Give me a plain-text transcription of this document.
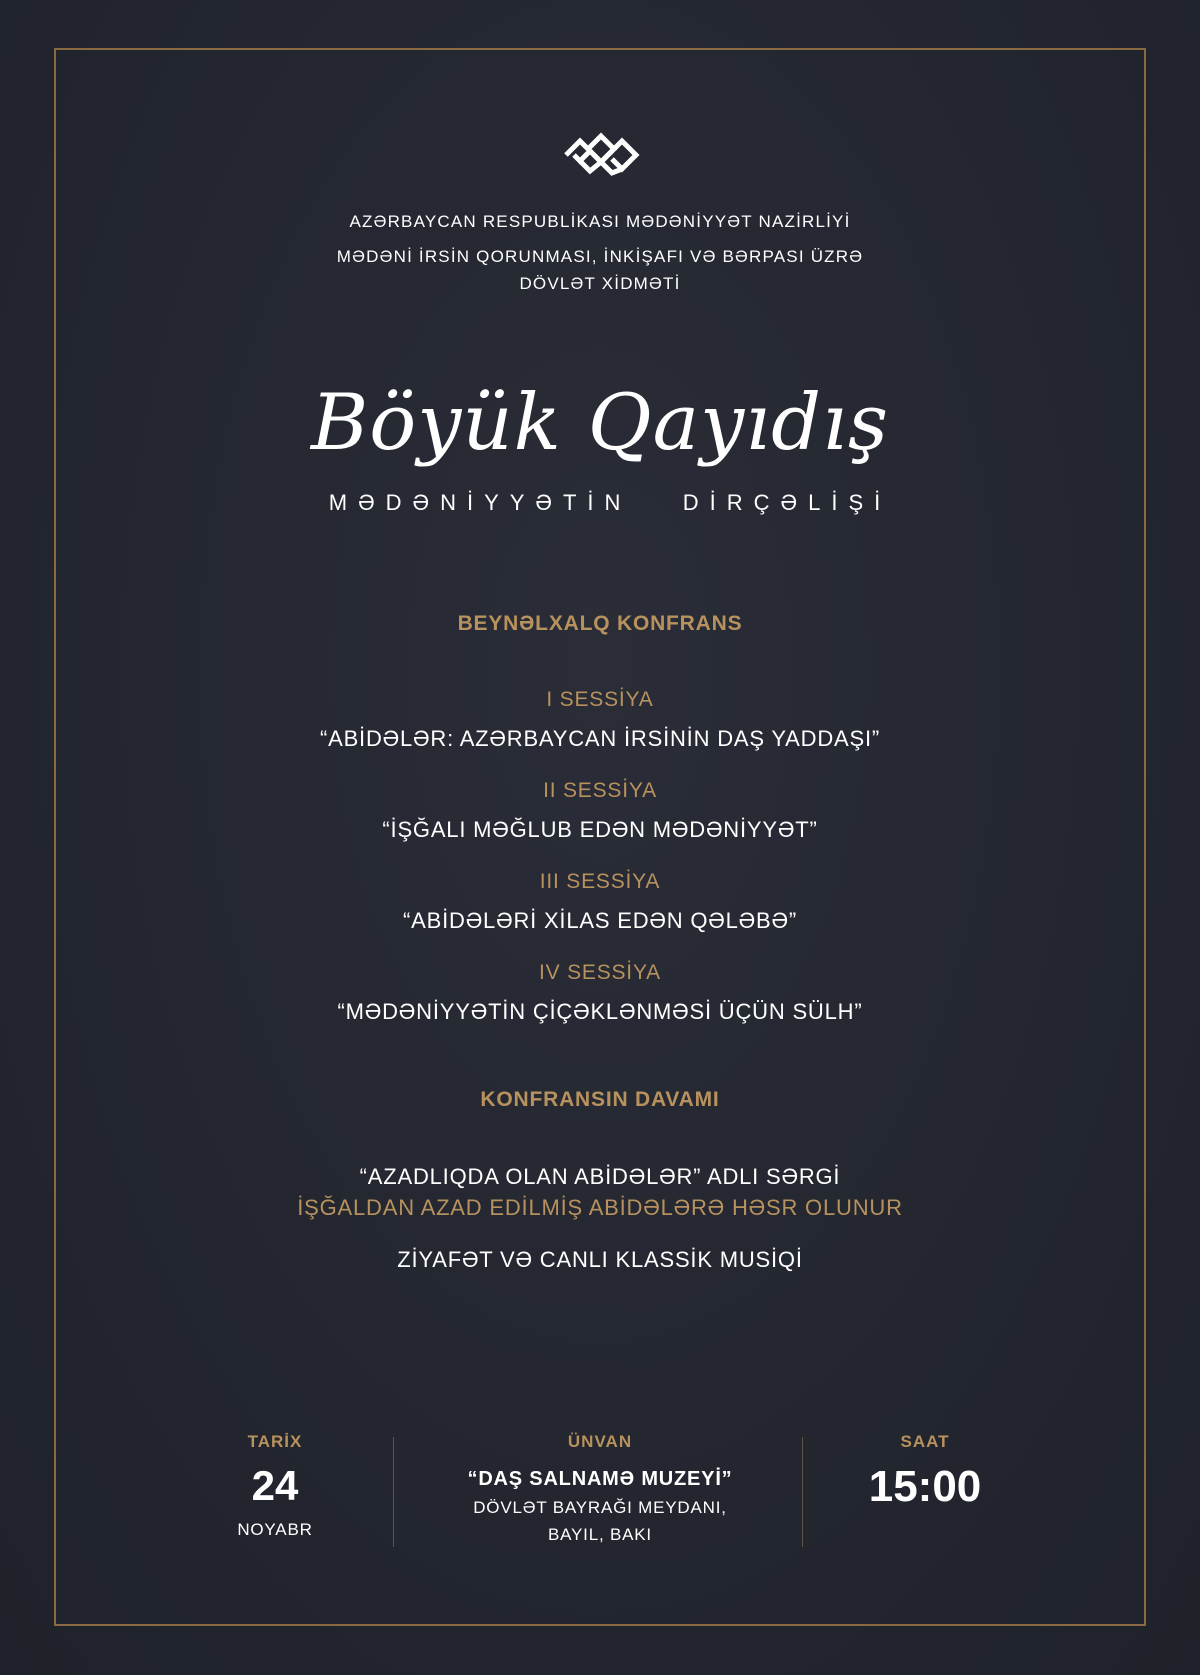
AZƏRBAYCAN RESPUBLİKASI MƏDƏNİYYƏT NAZİRLİYİ
MƏDƏNİ İRSİN QORUNMASI, İNKİŞAFI VƏ BƏRPASI ÜZRƏ
DÖVLƏT XİDMƏTİ
Böyük Qayıdış
MƏDƏNİYYƏTİN   DİRÇƏLİŞİ
BEYNƏLXALQ KONFRANS
I SESSİYA
“ABİDƏLƏR: AZƏRBAYCAN İRSİNİN DAŞ YADDAŞI”
II SESSİYA
“İŞĞALI MƏĞLUB EDƏN MƏDƏNİYYƏT”
III SESSİYA
“ABİDƏLƏRİ XİLAS EDƏN QƏLƏBƏ”
IV SESSİYA
“MƏDƏNİYYƏTİN ÇİÇƏKLƏNMƏSİ ÜÇÜN SÜLH”
KONFRANSIN DAVAMI
“AZADLIQDA OLAN ABİDƏLƏR” ADLI SƏRGİ
İŞĞALDAN AZAD EDİLMİŞ ABİDƏLƏRƏ HƏSR OLUNUR
ZİYAFƏT VƏ CANLI KLASSİK MUSİQİ
TARİX
24
NOYABR
ÜNVAN
“DAŞ SALNAMƏ MUZEYİ”
DÖVLƏT BAYRAĞI MEYDANI,
BAYIL, BAKI
SAAT
15:00
